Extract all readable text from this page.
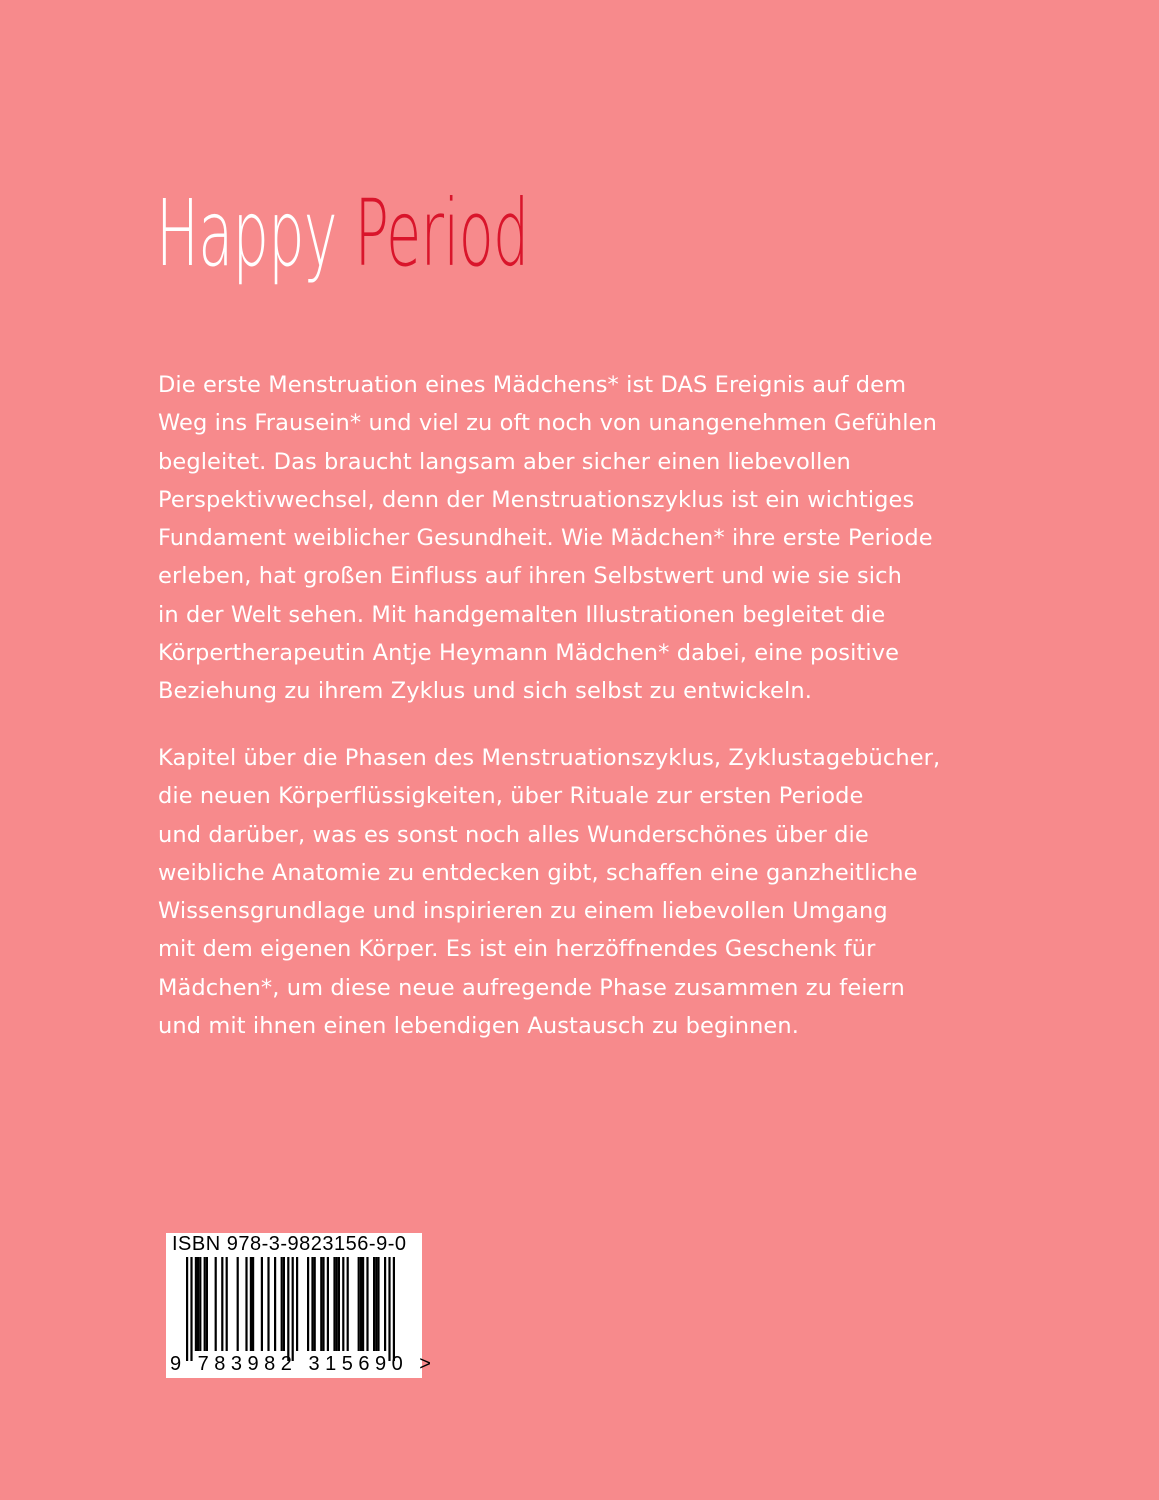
Happy Period

Die erste Menstruation eines Mädchens* ist DAS Ereignis auf dem
Weg ins Frausein* und viel zu oft noch von unangenehmen Gefühlen
begleitet. Das braucht langsam aber sicher einen liebevollen
Perspektivwechsel, denn der Menstruationszyklus ist ein wichtiges
Fundament weiblicher Gesundheit. Wie Mädchen* ihre erste Periode
erleben, hat großen Einfluss auf ihren Selbstwert und wie sie sich
in der Welt sehen. Mit handgemalten Illustrationen begleitet die
Körpertherapeutin Antje Heymann Mädchen* dabei, eine positive
Beziehung zu ihrem Zyklus und sich selbst zu entwickeln.

Kapitel über die Phasen des Menstruationszyklus, Zyklustagebücher,
die neuen Körperflüssigkeiten, über Rituale zur ersten Periode
und darüber, was es sonst noch alles Wunderschönes über die
weibliche Anatomie zu entdecken gibt, schaffen eine ganzheitliche
Wissensgrundlage und inspirieren zu einem liebevollen Umgang
mit dem eigenen Körper. Es ist ein herzöffnendes Geschenk für
Mädchen*, um diese neue aufregende Phase zusammen zu feiern
und mit ihnen einen lebendigen Austausch zu beginnen.

ISBN 978-3-9823156-9-0
9 783982 315690 >
